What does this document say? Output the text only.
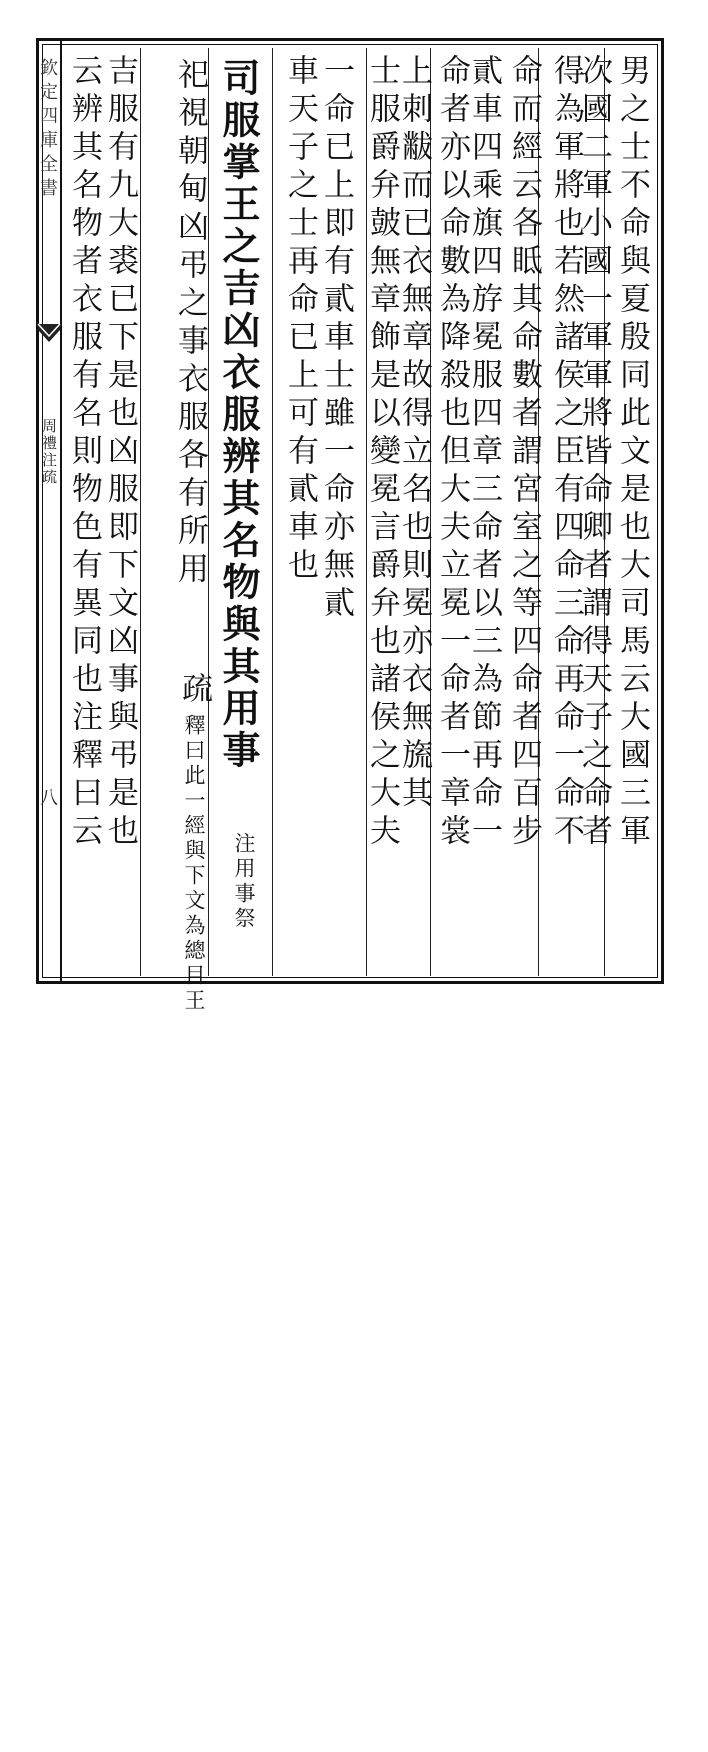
欽定四庫全書
周禮注疏
八	男之士不命與夏殷同此文是也大司馬云大國三軍
次國二軍小國一軍軍將皆命卿者謂得天子之命者
得為軍將也若然諸侯之臣有四命三命再命一命不
命而經云各眡其命數者謂宮室之等四命者四百步
貳車四乘旗四斿冕服四章三命者以三為節再命一
命者亦以命數為降殺也但大夫立冕一命者一章裳
上刺黻而已衣無章故得立名也則冕亦衣無旒其
士服爵弁皷無章飾是以變冕言爵弁也諸侯之大夫
一命已上即有貳車士雖一命亦無貳
車天子之士再命已上可有貳車也
司服掌王之吉凶衣服辨其名物與其用事
注用事祭
祀視朝甸凶弔之事衣服各有所用
疏
釋曰此一經與下文為總目王
吉服有九大裘已下是也凶服即下文凶事與弔是也
云辨其名物者衣服有名則物色有異同也注釋曰云
